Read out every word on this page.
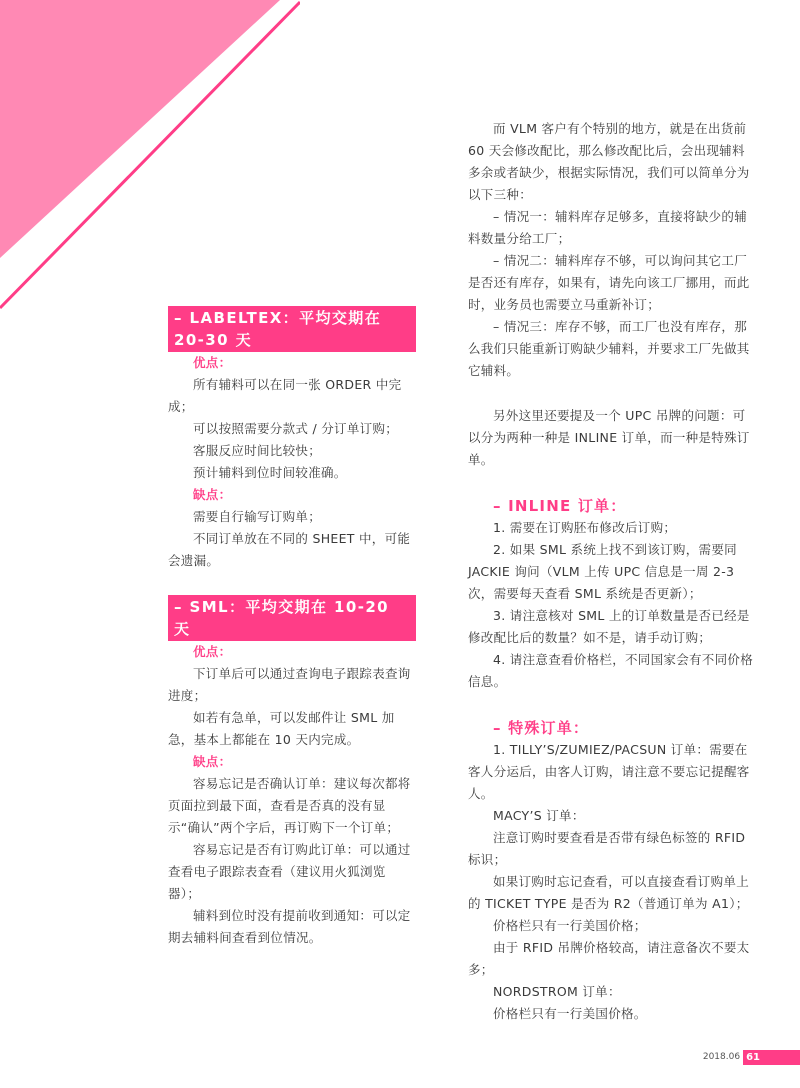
– LABELTEX：平均交期在 20-30 天

优点：

所有辅料可以在同一张 ORDER 中完成；

可以按照需要分款式 / 分订单订购；

客服反应时间比较快；

预计辅料到位时间较准确。

缺点：

需要自行输写订购单；

不同订单放在不同的 SHEET 中，可能会遗漏。

– SML：平均交期在 10-20 天

优点：

下订单后可以通过查询电子跟踪表查询进度；

如若有急单，可以发邮件让 SML 加急，基本上都能在 10 天内完成。

缺点：

容易忘记是否确认订单：建议每次都将页面拉到最下面，查看是否真的没有显示“确认”两个字后，再订购下一个订单；

容易忘记是否有订购此订单：可以通过查看电子跟踪表查看（建议用火狐浏览器）；

辅料到位时没有提前收到通知：可以定期去辅料间查看到位情况。

而 VLM 客户有个特别的地方，就是在出货前 60 天会修改配比，那么修改配比后，会出现辅料多余或者缺少，根据实际情况，我们可以简单分为以下三种：

– 情况一：辅料库存足够多，直接将缺少的辅料数量分给工厂；

– 情况二：辅料库存不够，可以询问其它工厂是否还有库存，如果有，请先向该工厂挪用，而此时，业务员也需要立马重新补订；

– 情况三：库存不够，而工厂也没有库存，那么我们只能重新订购缺少辅料，并要求工厂先做其它辅料。

另外这里还要提及一个 UPC 吊牌的问题：可以分为两种一种是 INLINE 订单，而一种是特殊订单。

– INLINE 订单：

1. 需要在订购胚布修改后订购；

2. 如果 SML 系统上找不到该订购，需要同 JACKIE 询问（VLM 上传 UPC 信息是一周 2-3 次，需要每天查看 SML 系统是否更新）；

3. 请注意核对 SML 上的订单数量是否已经是修改配比后的数量？如不是，请手动订购；

4. 请注意查看价格栏，不同国家会有不同价格信息。

– 特殊订单：

1. TILLY’S/ZUMIEZ/PACSUN 订单：需要在客人分运后，由客人订购，请注意不要忘记提醒客人。

MACY’S 订单：

注意订购时要查看是否带有绿色标签的 RFID 标识；

如果订购时忘记查看，可以直接查看订购单上的 TICKET TYPE 是否为 R2（普通订单为 A1）；

价格栏只有一行美国价格；

由于 RFID 吊牌价格较高，请注意备次不要太多；

NORDSTROM 订单：

价格栏只有一行美国价格。

2018.06 61
